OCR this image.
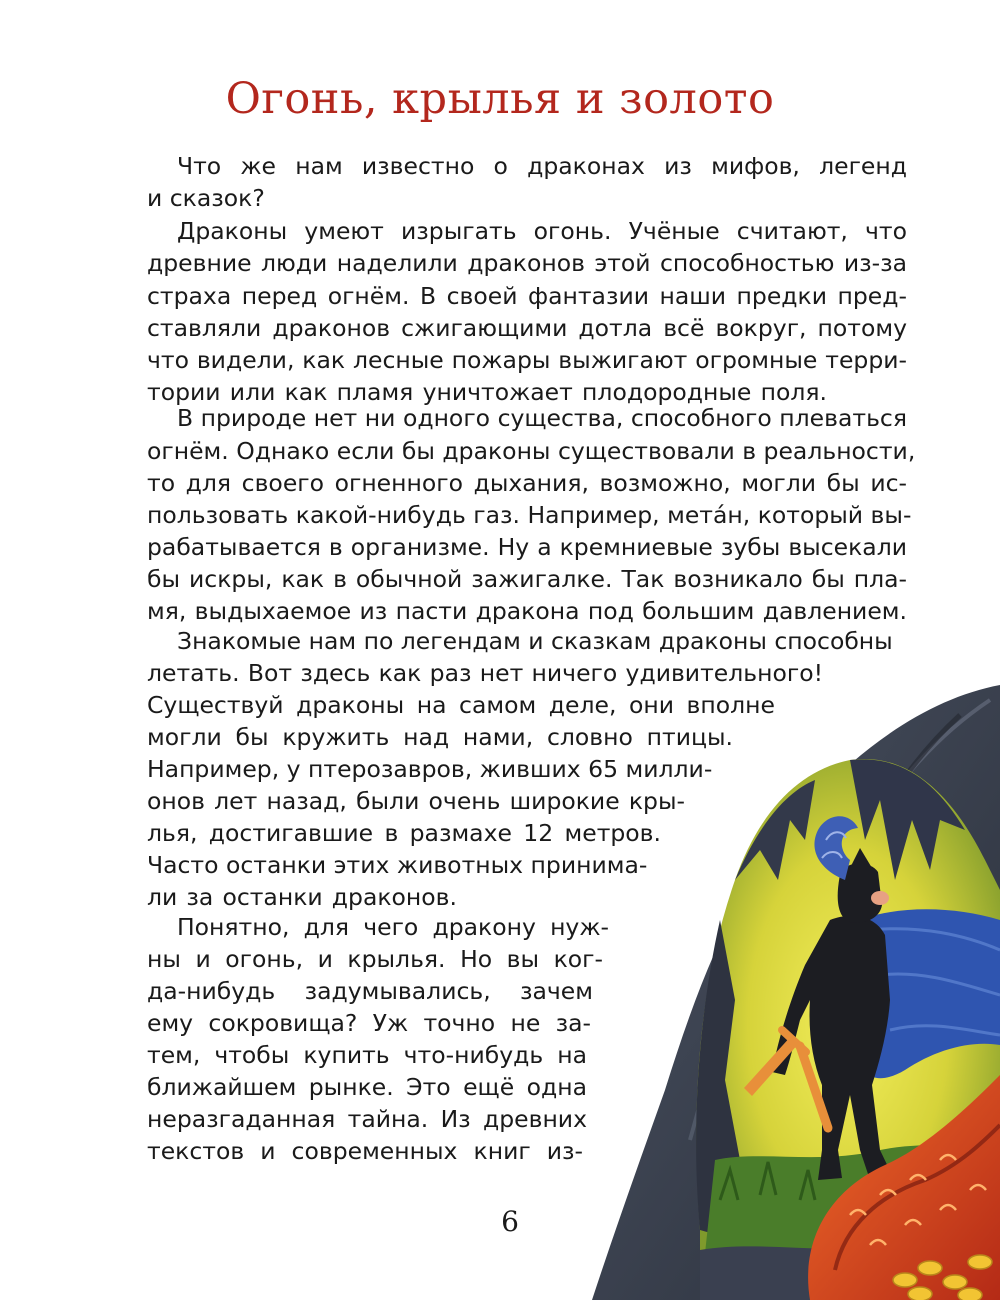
Огонь, крылья и золото
Что же нам известно о драконах из мифов, легенд
и сказок?
Драконы умеют изрыгать огонь. Учёные считают, что
древние люди наделили драконов этой способностью из-за
страха перед огнём. В своей фантазии наши предки пред-
ставляли драконов сжигающими дотла всё вокруг, потому
что видели, как лесные пожары выжигают огромные терри-
тории или как пламя уничтожает плодородные поля.
В природе нет ни одного существа, способного плеваться
огнём. Однако если бы драконы существовали в реальности,
то для своего огненного дыхания, возможно, могли бы ис-
пользовать какой-нибудь газ. Например, мета́н, который вы-
рабатывается в организме. Ну а кремниевые зубы высекали
бы искры, как в обычной зажигалке. Так возникало бы пла-
мя, выдыхаемое из пасти дракона под большим давлением.
Знакомые нам по легендам и сказкам драконы способны
летать. Вот здесь как раз нет ничего удивительного!
Существуй драконы на самом деле, они вполне
могли бы кружить над нами, словно птицы.
Например, у птерозавров, живших 65 милли-
онов лет назад, были очень широкие кры-
лья, достигавшие в размахе 12 метров.
Часто останки этих животных принима-
ли за останки драконов.
Понятно, для чего дракону нуж-
ны и огонь, и крылья. Но вы ког-
да-нибудь задумывались, зачем
ему сокровища? Уж точно не за-
тем, чтобы купить что-нибудь на
ближайшем рынке. Это ещё одна
неразгаданная тайна. Из древних
текстов и современных книг из-
6
